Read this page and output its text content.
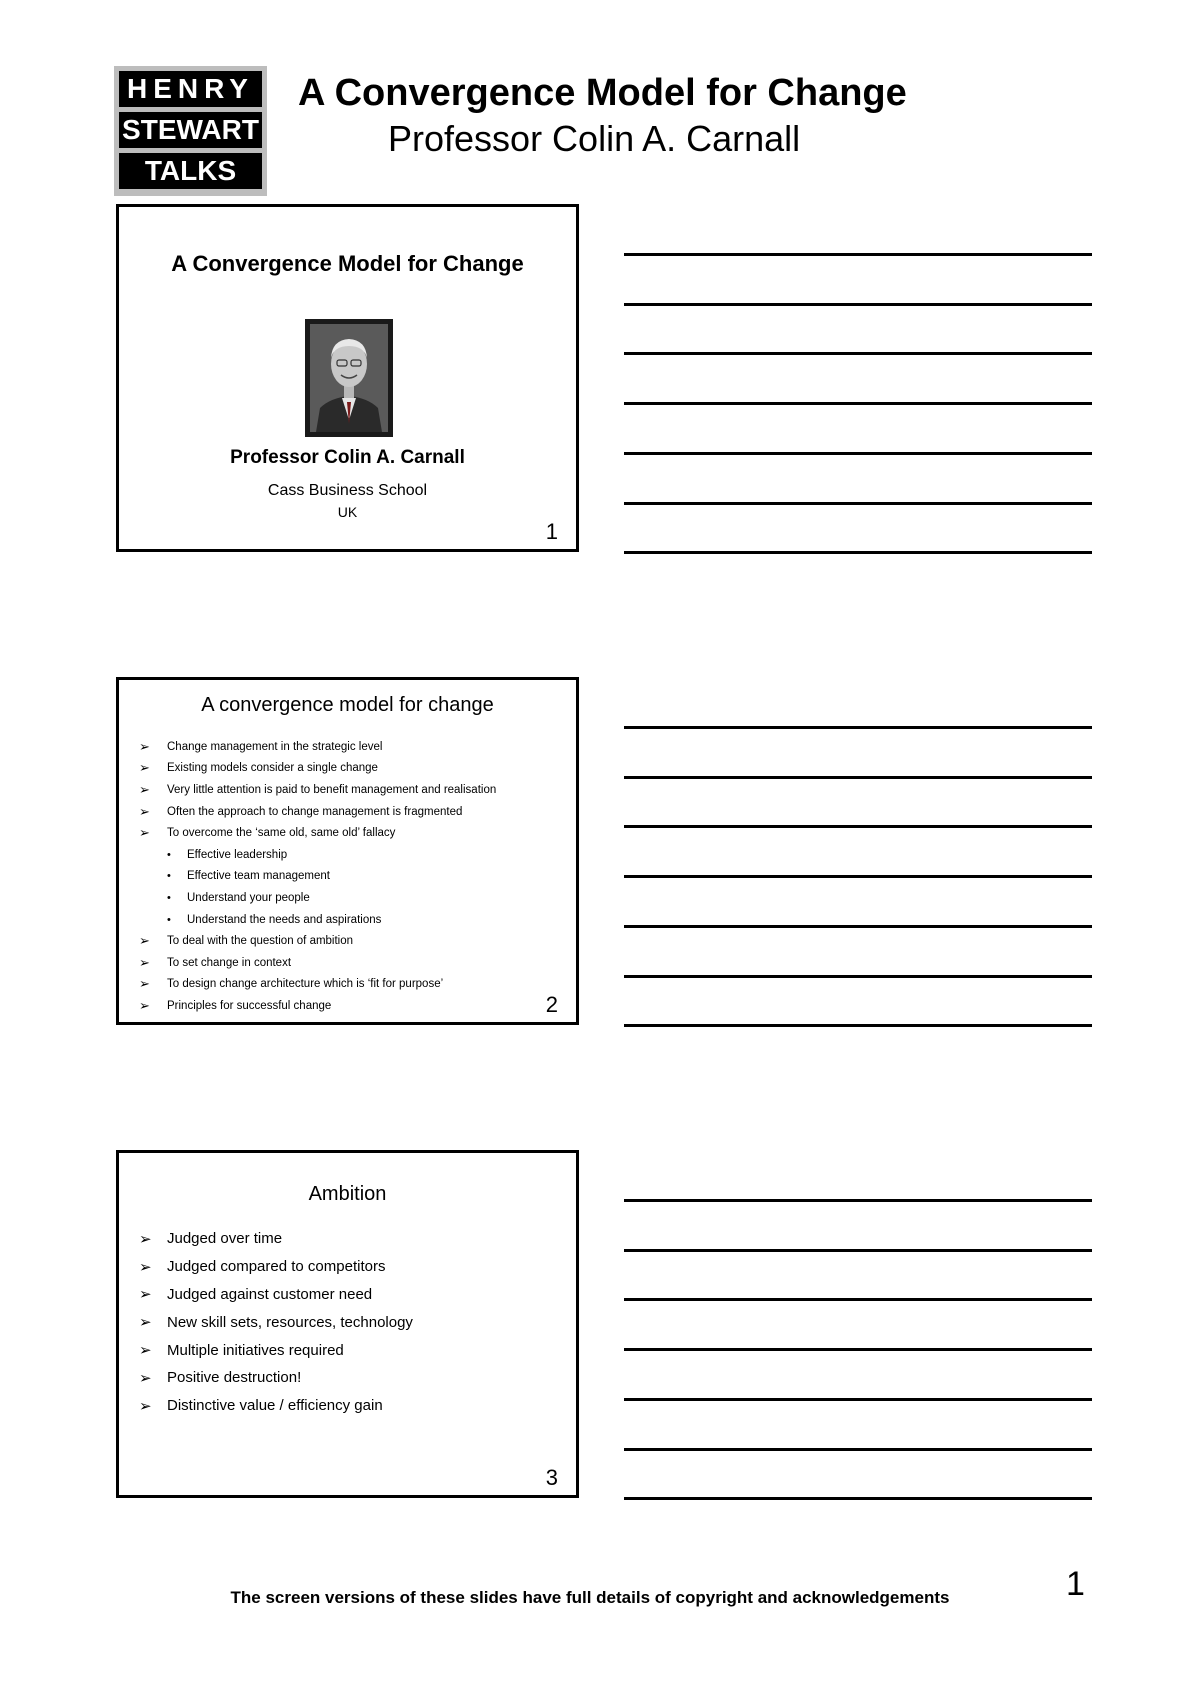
HENRY
STEWART
TALKS
A Convergence Model for Change
Professor Colin A. Carnall
A Convergence Model for Change
Professor Colin A. Carnall
Cass Business School
UK
1
A convergence model for change
➢	Change management in the strategic level
➢	Existing models consider a single change
➢	Very little attention is paid to benefit management and realisation
➢	Often the approach to change management is fragmented
➢	To overcome the ‘same old, same old’ fallacy
•	Effective leadership
•	Effective team management
•	Understand your people
•	Understand the needs and aspirations
➢	To deal with the question of ambition
➢	To set change in context
➢	To design change architecture which is ‘fit for purpose’
➢	Principles for successful change	2
Ambition
➢	Judged over time
➢	Judged compared to competitors
➢	Judged against customer need
➢	New skill sets, resources, technology
➢	Multiple initiatives required
➢	Positive destruction!
➢	Distinctive value / efficiency gain
3
The screen versions of these slides have full details of copyright and acknowledgements	1
